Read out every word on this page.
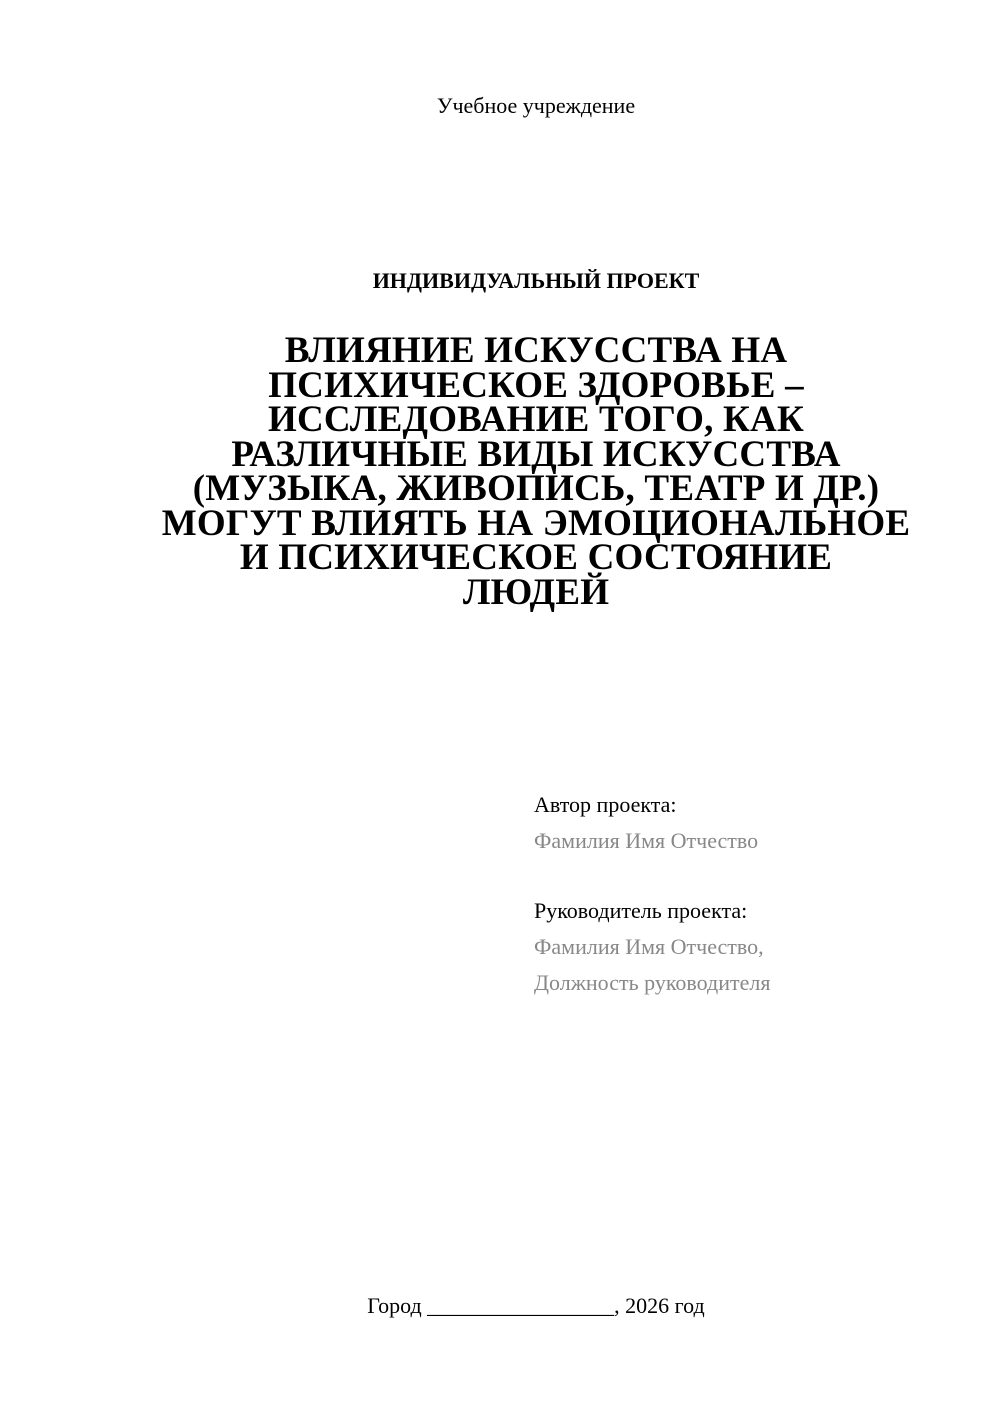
Учебное учреждение
ИНДИВИДУАЛЬНЫЙ ПРОЕКТ
ВЛИЯНИЕ ИСКУССТВА НА
ПСИХИЧЕСКОЕ ЗДОРОВЬЕ –
ИССЛЕДОВАНИЕ ТОГО, КАК
РАЗЛИЧНЫЕ ВИДЫ ИСКУССТВА
(МУЗЫКА, ЖИВОПИСЬ, ТЕАТР И ДР.)
МОГУТ ВЛИЯТЬ НА ЭМОЦИОНАЛЬНОЕ
И ПСИХИЧЕСКОЕ СОСТОЯНИЕ
ЛЮДЕЙ
Автор проекта:
Фамилия Имя Отчество
Руководитель проекта:
Фамилия Имя Отчество,
Должность руководителя
Город _________________, 2026 год
